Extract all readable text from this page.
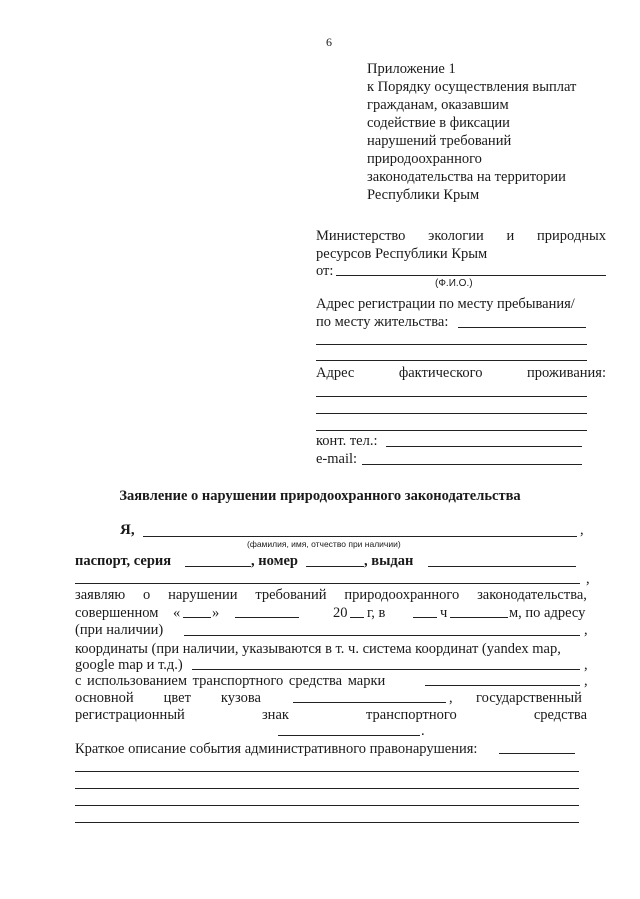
6
Приложение 1
к Порядку осуществления выплат
гражданам, оказавшим
содействие в фиксации
нарушений требований
природоохранного
законодательства на территории
Республики Крым
Министерство экологии и природных
ресурсов Республики Крым
от:
(Ф.И.О.)
Адрес регистрации по месту пребывания/
по месту жительства:
Адрес	фактического	проживания:
конт. тел.:
e-mail:
Заявление о нарушении природоохранного законодательства
Я,	,
(фамилия, имя, отчество при наличии)
паспорт, серия	, номер	, выдан
,
заявляю о нарушении требований природоохранного законодательства,
совершенном « »	20 г, в	ч	м, по адресу
(при наличии)	,
координаты (при наличии, указываются в т. ч. система координат (yandex map,
google map и т.д.)	,
с использованием транспортного средства марки	,
основной цвет кузова	, государственный
регистрационный	знак	транспортного	средства
.
Краткое описание события административного правонарушения:
